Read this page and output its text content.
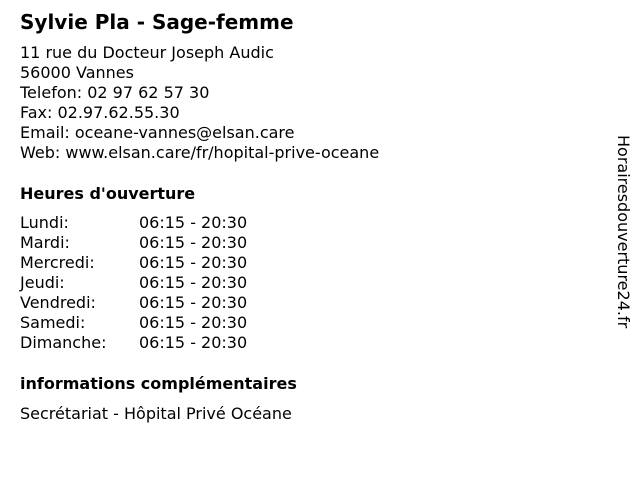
Sylvie Pla - Sage-femme
11 rue du Docteur Joseph Audic
56000 Vannes
Telefon: 02 97 62 57 30
Fax: 02.97.62.55.30
Email: oceane-vannes@elsan.care
Web: www.elsan.care/fr/hopital-prive-oceane
Heures d'ouverture
Lundi:	06:15 - 20:30
Mardi:	06:15 - 20:30
Mercredi:	06:15 - 20:30
Jeudi:	06:15 - 20:30
Vendredi:	06:15 - 20:30
Samedi:	06:15 - 20:30
Dimanche: 06:15 - 20:30
informations complémentaires
Secrétariat - Hôpital Privé Océane
Horairesdouverture24.fr
